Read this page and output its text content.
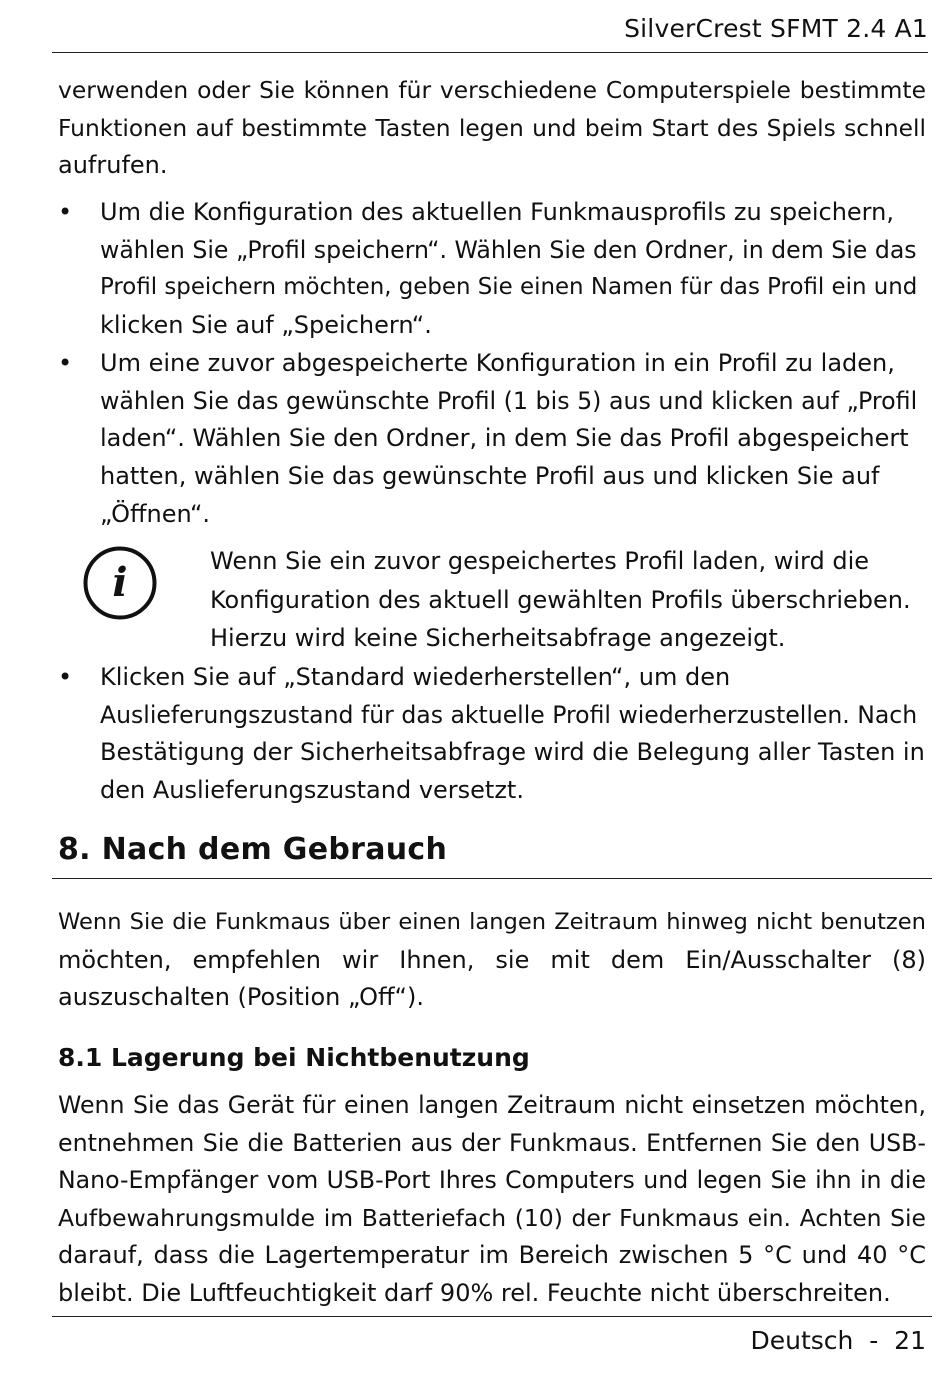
SilverCrest SFMT 2.4 A1
verwenden oder Sie können für verschiedene Computerspiele bestimmte
Funktionen auf bestimmte Tasten legen und beim Start des Spiels schnell
aufrufen.
• Um die Konfiguration des aktuellen Funkmausprofils zu speichern,
wählen Sie „Profil speichern“. Wählen Sie den Ordner, in dem Sie das
Profil speichern möchten, geben Sie einen Namen für das Profil ein und
klicken Sie auf „Speichern“.
• Um eine zuvor abgespeicherte Konfiguration in ein Profil zu laden,
wählen Sie das gewünschte Profil (1 bis 5) aus und klicken auf „Profil
laden“. Wählen Sie den Ordner, in dem Sie das Profil abgespeichert
hatten, wählen Sie das gewünschte Profil aus und klicken Sie auf
„Öffnen“.
i	Wenn Sie ein zuvor gespeichertes Profil laden, wird die
Konfiguration des aktuell gewählten Profils überschrieben.
Hierzu wird keine Sicherheitsabfrage angezeigt.
• Klicken Sie auf „Standard wiederherstellen“, um den
Auslieferungszustand für das aktuelle Profil wiederherzustellen. Nach
Bestätigung der Sicherheitsabfrage wird die Belegung aller Tasten in
den Auslieferungszustand versetzt.
8. Nach dem Gebrauch
Wenn Sie die Funkmaus über einen langen Zeitraum hinweg nicht benutzen
möchten, empfehlen wir Ihnen, sie mit dem Ein/Ausschalter (8)
auszuschalten (Position „Off“).
8.1 Lagerung bei Nichtbenutzung
Wenn Sie das Gerät für einen langen Zeitraum nicht einsetzen möchten,
entnehmen Sie die Batterien aus der Funkmaus. Entfernen Sie den USB-
Nano-Empfänger vom USB-Port Ihres Computers und legen Sie ihn in die
Aufbewahrungsmulde im Batteriefach (10) der Funkmaus ein. Achten Sie
darauf, dass die Lagertemperatur im Bereich zwischen 5 °C und 40 °C
bleibt. Die Luftfeuchtigkeit darf 90% rel. Feuchte nicht überschreiten.
Deutsch  -  21
